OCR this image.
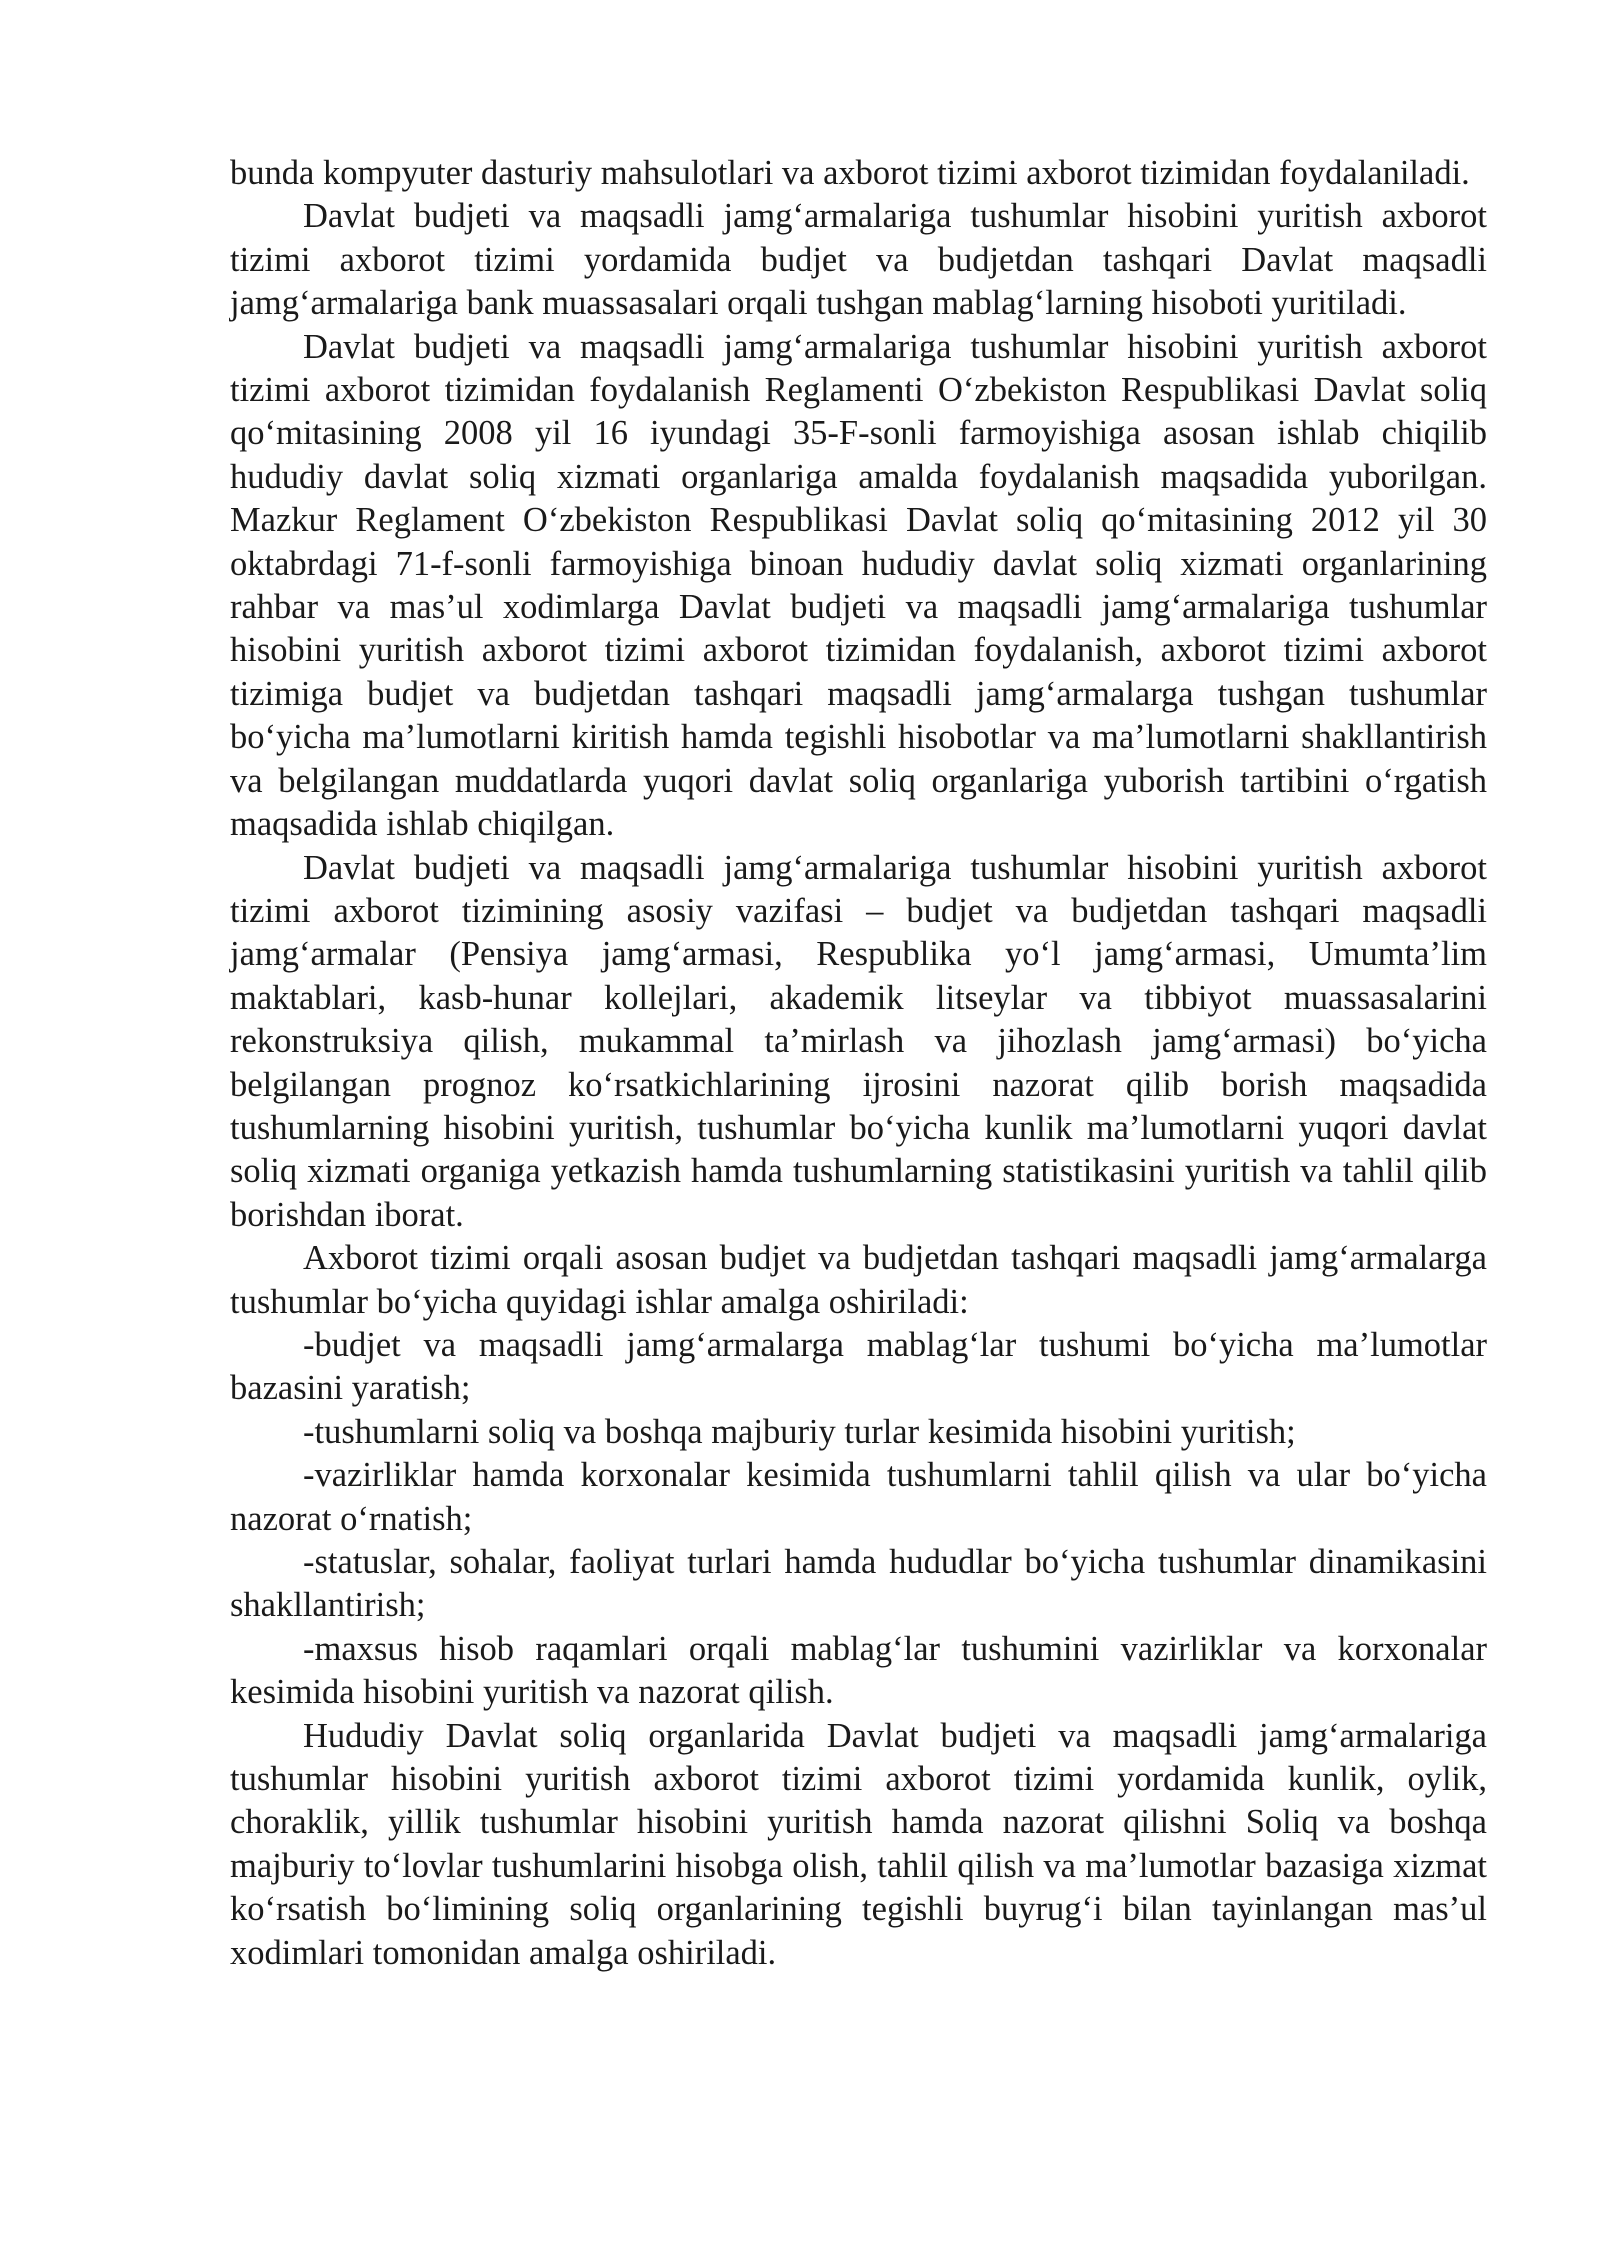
bunda kompyuter dasturiy mahsulotlari va axborot tizimi axborot tizimidan foydalaniladi.

Davlat budjeti va maqsadli jamg‘armalariga tushumlar hisobini yuritish axborot tizimi axborot tizimi yordamida budjet va budjetdan tashqari Davlat maqsadli jamg‘armalariga bank muassasalari orqali tushgan mablag‘larning hisoboti yuritiladi.

Davlat budjeti va maqsadli jamg‘armalariga tushumlar hisobini yuritish axborot tizimi axborot tizimidan foydalanish Reglamenti O‘zbekiston Respublikasi Davlat soliq qo‘mitasining 2008 yil 16 iyundagi 35-F-sonli farmoyishiga asosan ishlab chiqilib hududiy davlat soliq xizmati organlariga amalda foydalanish maqsadida yuborilgan. Mazkur Reglament O‘zbekiston Respublikasi Davlat soliq qo‘mitasining 2012 yil 30 oktabrdagi 71-f-sonli farmoyishiga binoan hududiy davlat soliq xizmati organlarining rahbar va mas’ul xodimlarga Davlat budjeti va maqsadli jamg‘armalariga tushumlar hisobini yuritish axborot tizimi axborot tizimidan foydalanish, axborot tizimi axborot tizimiga budjet va budjetdan tashqari maqsadli jamg‘armalarga tushgan tushumlar bo‘yicha ma’lumotlarni kiritish hamda tegishli hisobotlar va ma’lumotlarni shakllantirish va belgilangan muddatlarda yuqori davlat soliq organlariga yuborish tartibini o‘rgatish maqsadida ishlab chiqilgan.

Davlat budjeti va maqsadli jamg‘armalariga tushumlar hisobini yuritish axborot tizimi axborot tizimining asosiy vazifasi – budjet va budjetdan tashqari maqsadli jamg‘armalar (Pensiya jamg‘armasi, Respublika yo‘l jamg‘armasi, Umumta’lim maktablari, kasb-hunar kollejlari, akademik litseylar va tibbiyot muassasalarini rekonstruksiya qilish, mukammal ta’mirlash va jihozlash jamg‘armasi) bo‘yicha belgilangan prognoz ko‘rsatkichlarining ijrosini nazorat qilib borish maqsadida tushumlarning hisobini yuritish, tushumlar bo‘yicha kunlik ma’lumotlarni yuqori davlat soliq xizmati organiga yetkazish hamda tushumlarning statistikasini yuritish va tahlil qilib borishdan iborat.

Axborot tizimi orqali asosan budjet va budjetdan tashqari maqsadli jamg‘armalarga tushumlar bo‘yicha quyidagi ishlar amalga oshiriladi:

-budjet va maqsadli jamg‘armalarga mablag‘lar tushumi bo‘yicha ma’lumotlar bazasini yaratish;

-tushumlarni soliq va boshqa majburiy turlar kesimida hisobini yuritish;

-vazirliklar hamda korxonalar kesimida tushumlarni tahlil qilish va ular bo‘yicha nazorat o‘rnatish;

-statuslar, sohalar, faoliyat turlari hamda hududlar bo‘yicha tushumlar dinamikasini shakllantirish;

-maxsus hisob raqamlari orqali mablag‘lar tushumini vazirliklar va korxonalar kesimida hisobini yuritish va nazorat qilish.

Hududiy Davlat soliq organlarida Davlat budjeti va maqsadli jamg‘armalariga tushumlar hisobini yuritish axborot tizimi axborot tizimi yordamida kunlik, oylik, choraklik, yillik tushumlar hisobini yuritish hamda nazorat qilishni Soliq va boshqa majburiy to‘lovlar tushumlarini hisobga olish, tahlil qilish va ma’lumotlar bazasiga xizmat ko‘rsatish bo‘limining soliq organlarining tegishli buyrug‘i bilan tayinlangan mas’ul xodimlari tomonidan amalga oshiriladi.
